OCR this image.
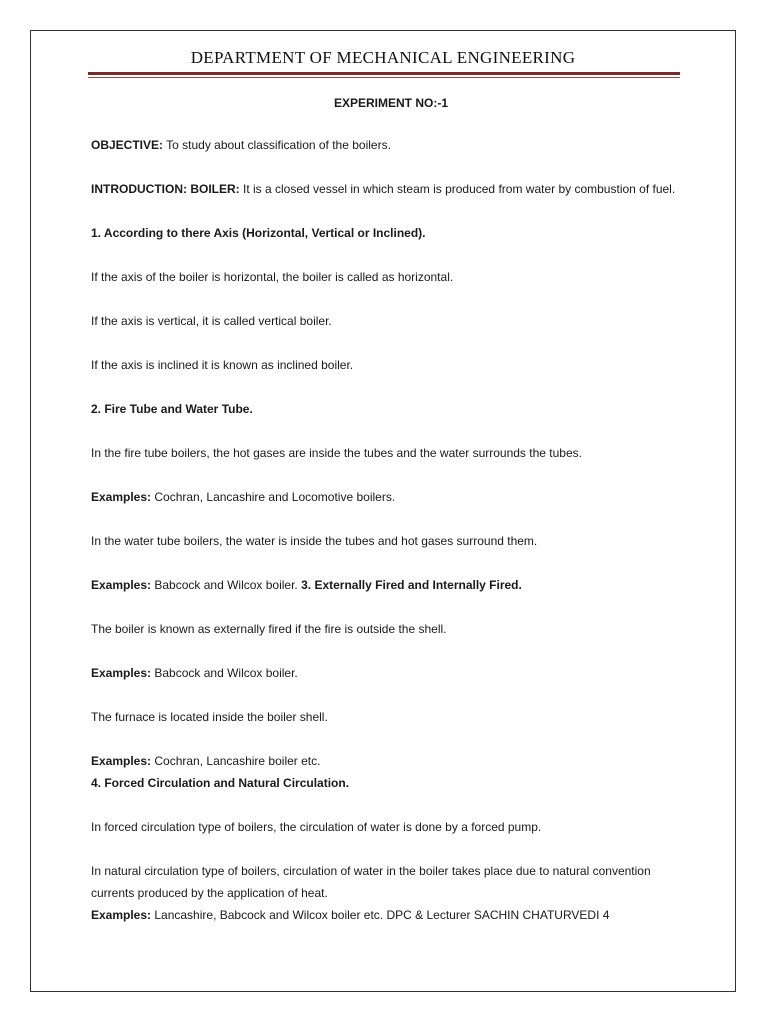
DEPARTMENT OF MECHANICAL ENGINEERING

EXPERIMENT NO:-1

OBJECTIVE: To study about classification of the boilers.

INTRODUCTION: BOILER: It is a closed vessel in which steam is produced from water by combustion of fuel.

1. According to there Axis (Horizontal, Vertical or Inclined).

If the axis of the boiler is horizontal, the boiler is called as horizontal.

If the axis is vertical, it is called vertical boiler.

If the axis is inclined it is known as inclined boiler.

2. Fire Tube and Water Tube.

In the fire tube boilers, the hot gases are inside the tubes and the water surrounds the tubes.

Examples: Cochran, Lancashire and Locomotive boilers.

In the water tube boilers, the water is inside the tubes and hot gases surround them.

Examples: Babcock and Wilcox boiler. 3. Externally Fired and Internally Fired.

The boiler is known as externally fired if the fire is outside the shell.

Examples: Babcock and Wilcox boiler.

The furnace is located inside the boiler shell.

Examples: Cochran, Lancashire boiler etc.

4. Forced Circulation and Natural Circulation.

In forced circulation type of boilers, the circulation of water is done by a forced pump.

In natural circulation type of boilers, circulation of water in the boiler takes place due to natural convention currents produced by the application of heat.

Examples: Lancashire, Babcock and Wilcox boiler etc. DPC & Lecturer SACHIN CHATURVEDI 4
